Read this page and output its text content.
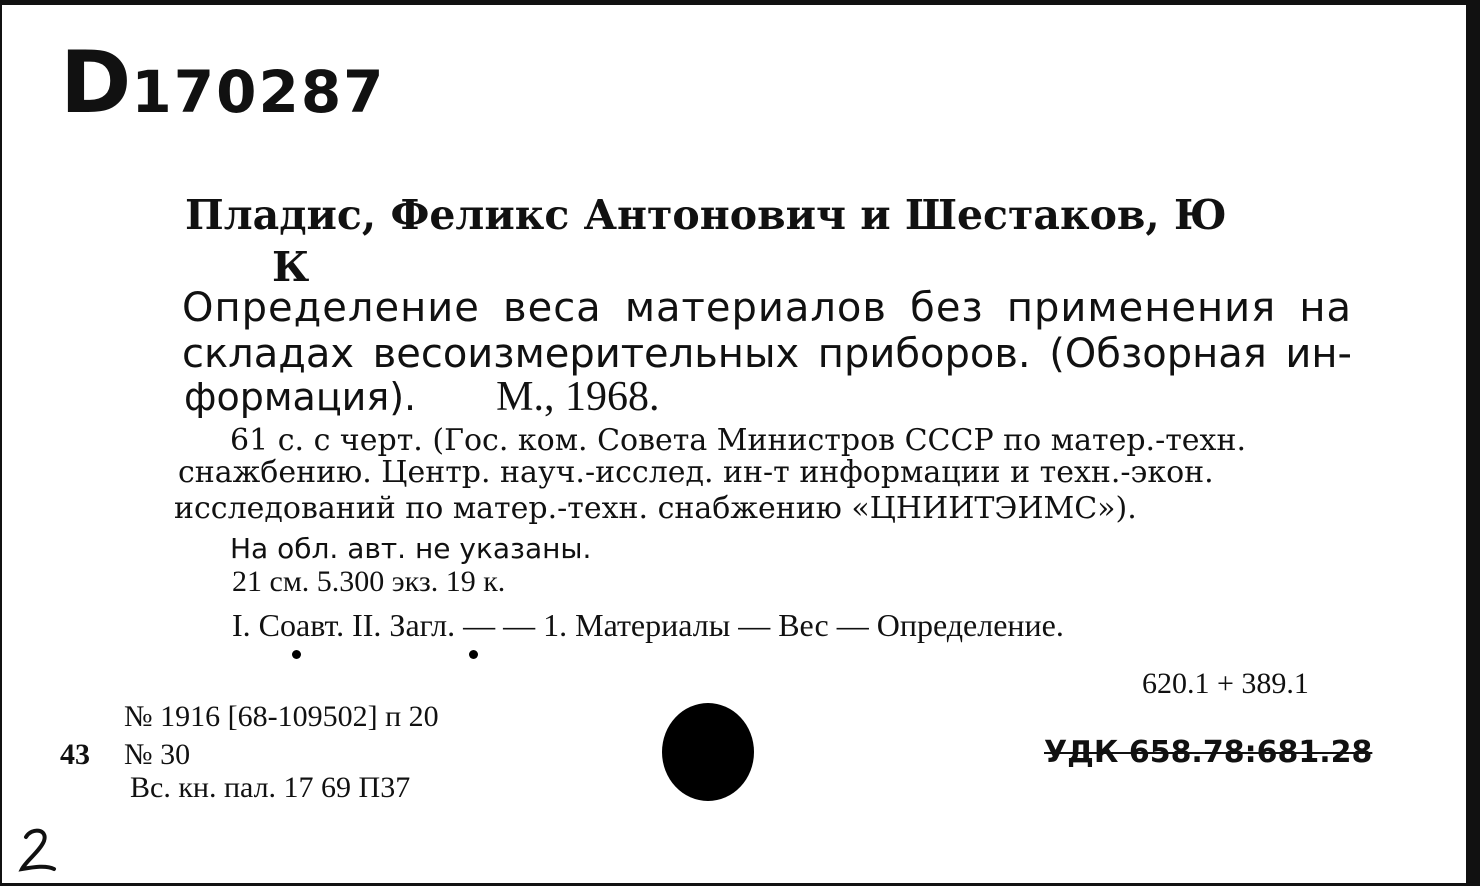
D170287
Пладис, Феликс Антонович и Шестаков, Ю
К
Определение веса материалов без применения на
складах весоизмерительных приборов. (Обзорная ин-
формация). М., 1968.
61 с. с черт. (Гос. ком. Совета Министров СССР по матер.-техн.
снажбению. Центр. науч.-исслед. ин-т информации и техн.-экон.
исследований по матер.-техн. снабжению «ЦНИИТЭИМС»).
На обл. авт. не указаны.
21 см. 5.300 экз. 19 к.
I. Соавт. II. Загл. — — 1. Материалы — Вес — Определение.
620.1 + 389.1
№ 1916 [68-109502] п 20
43 № 30
Вс. кн. пал. 17 69 П37
УДК 658.78:681.28
